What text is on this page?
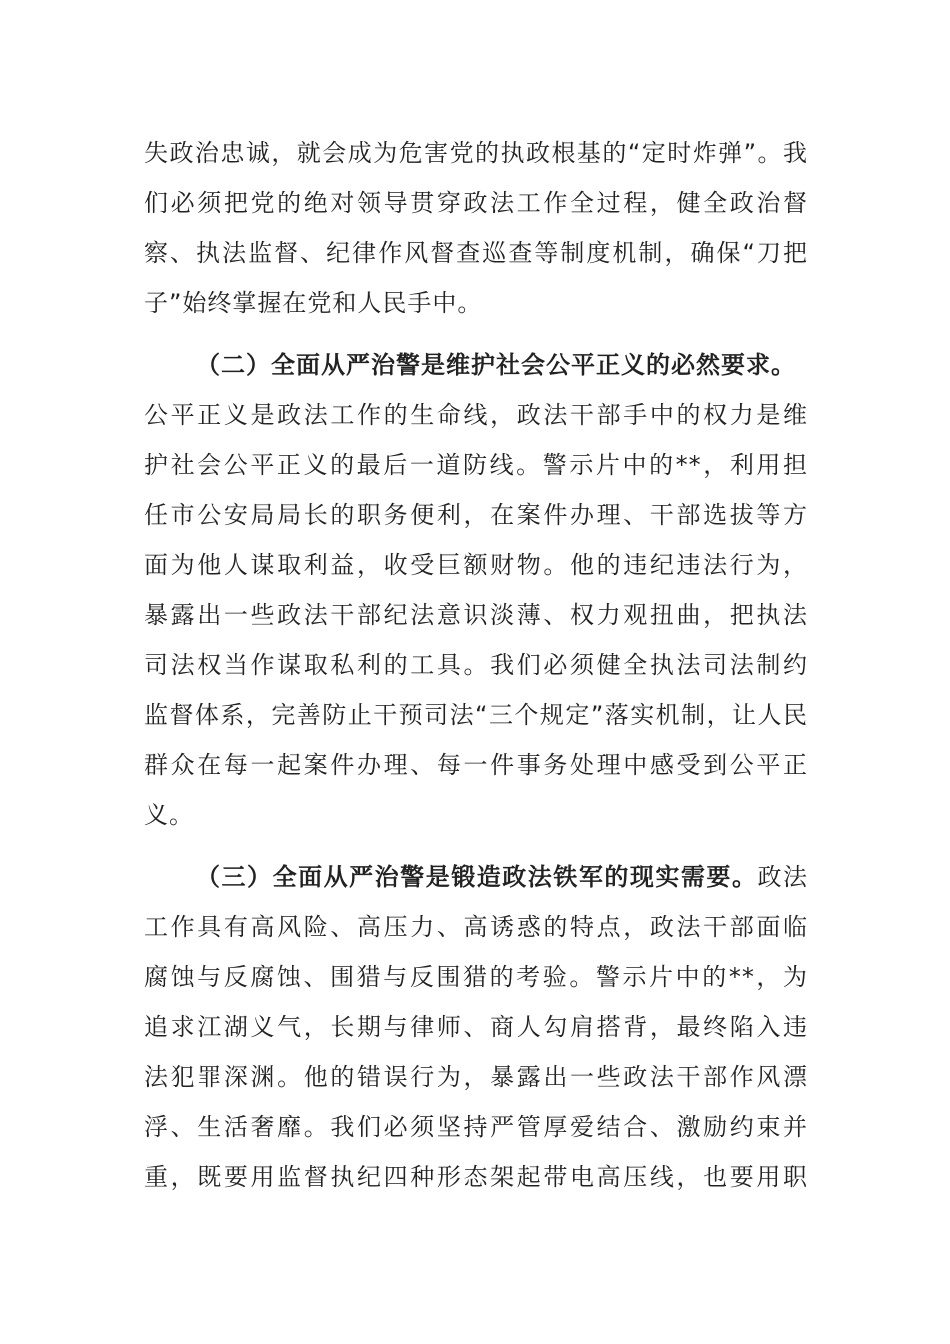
失政治忠诚，就会成为危害党的执政根基的“定时炸弹”。我
们必须把党的绝对领导贯穿政法工作全过程，健全政治督
察、执法监督、纪律作风督查巡查等制度机制，确保“刀把
子”始终掌握在党和人民手中。
（二）全面从严治警是维护社会公平正义的必然要求。
公平正义是政法工作的生命线，政法干部手中的权力是维
护社会公平正义的最后一道防线。警示片中的**，利用担
任市公安局局长的职务便利，在案件办理、干部选拔等方
面为他人谋取利益，收受巨额财物。他的违纪违法行为，
暴露出一些政法干部纪法意识淡薄、权力观扭曲，把执法
司法权当作谋取私利的工具。我们必须健全执法司法制约
监督体系，完善防止干预司法“三个规定”落实机制，让人民
群众在每一起案件办理、每一件事务处理中感受到公平正
义。
（三）全面从严治警是锻造政法铁军的现实需要。政法
工作具有高风险、高压力、高诱惑的特点，政法干部面临
腐蚀与反腐蚀、围猎与反围猎的考验。警示片中的**，为
追求江湖义气，长期与律师、商人勾肩搭背，最终陷入违
法犯罪深渊。他的错误行为，暴露出一些政法干部作风漂
浮、生活奢靡。我们必须坚持严管厚爱结合、激励约束并
重，既要用监督执纪四种形态架起带电高压线，也要用职
